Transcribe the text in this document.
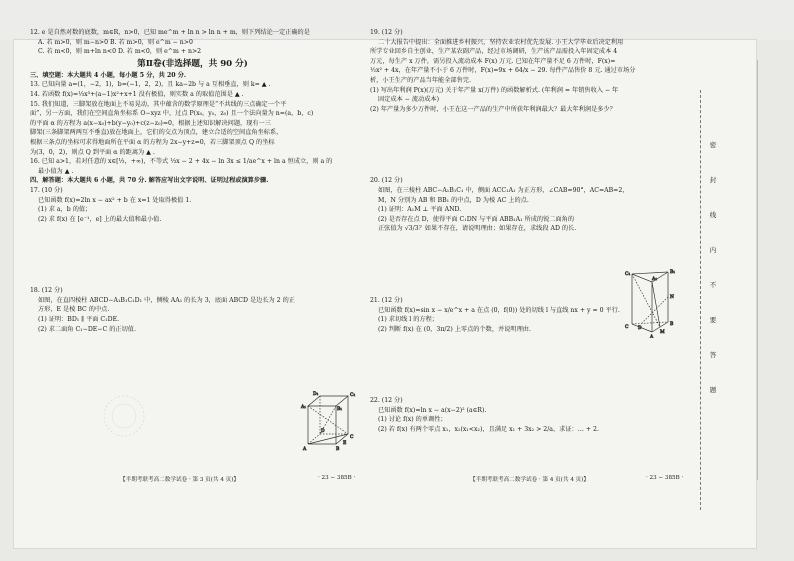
12. e 是自然对数的底数，m∈R，n>0，已知 me^m + ln n > ln n + m，则下列结论一定正确的是
A. 若 m>0，则 m−n>0 B. 若 m>0，则 e^m − n>0
C. 若 m<0，则 m+ln n<0 D. 若 m<0，则 e^m + n>2
第Ⅱ卷(非选择题，共 90 分)
三、填空题：本大题共 4 小题，每小题 5 分，共 20 分.
13. 已知向量 a=(1，−2，1)，b=(−1，2，2)，且 ka−2b 与 a 互相垂直，则 k= ▲ .
14. 若函数 f(x)=⅓x³+(a−1)x²+x+1 没有极值，则实数 a 的取值范围是 ▲ .
15. 我们知道，三脚架放在地面上不易晃动，其中蕴含的数学原理是“不共线的三点确定一个平
面”，另一方面，我们在空间直角坐标系 O−xyz 中，过点 P(x₀，y₀，z₀) 且一个法向量为 n=(a，b，c)
的平面 α 的方程为 a(x−x₀)+b(y−y₀)+c(z−z₀)=0，根据上述知识解决问题，现有一三
脚架(三条脚架两两互不垂直)放在地面上，它们的交点为顶点，建立合适的空间直角坐标系，
根据三条点的坐标可求得地面所在平面 α 的方程为 2x−y+z=0，若三脚架顶点 Q 的坐标
为(3，0，2)，则点 Q 到平面 α 的距离为 ▲ .
16. 已知 a>1，若对任意的 x∈[⅓，+∞)，不等式 ⅓x − 2 + 4x − ln 3x ≤ 1/ae^x + ln a 恒成立，则 a 的
最小值为 ▲ .
四、解答题：本大题共 6 小题，共 70 分. 解答应写出文字说明、证明过程或演算步骤.
17. (10 分)
已知函数 f(x)=2ln x − ax² + b 在 x=1 处取得极值 1.
(1) 求 a，b 的值；
(2) 求 f(x) 在 [e⁻¹，e] 上的最大值和最小值.
18. (12 分)
如图，在直四棱柱 ABCD−A₁B₁C₁D₁ 中，侧棱 AA₁ 的长为 3，底面 ABCD 是边长为 2 的正
方形，E 是棱 BC 的中点.
(1) 证明：BD₁ ∥ 平面 C₁DE.
(2) 求二面角 C₁−DE−C 的正切值.
A₁	B₁
C₁
D₁
A	B
C
D
E
【半期考联考高二数学试卷 · 第 3 页(共 4 页)】	· 23 − 385B ·
19. (12 分)
二十大报告中提出：全面推进乡村振兴，坚持农业农村优先发展. 小王大学毕业后决定利用
所学专业回乡自主创业，生产某农副产品，经过市场调研，生产该产品需投入年固定成本 4
万元，每生产 x 万件，需另投入流动成本 F(x) 万元. 已知在年产量不足 6 万件时，F(x)=
½x² + 4x，在年产量不小于 6 万件时，F(x)=9x + 64/x − 29. 每件产品售价 8 元. 通过市场分
析，小王生产的产品当年能全部售完.
(1) 写出年利润 P(x)(万元) 关于年产量 x(万件) 的函数解析式. (年利润 = 年销售收入 − 年
固定成本 − 流动成本)
(2) 年产量为多少万件时，小王在这一产品的生产中所获年利润最大？最大年利润是多少？
20. (12 分)
如图，在三棱柱 ABC−A₁B₁C₁ 中，侧面 ACC₁A₁ 为正方形，∠CAB=90°，AC=AB=2，
M，N 分别为 AB 和 BB₁ 的中点，D 为棱 AC 上的点.
(1) 证明：A₁M ⊥ 平面 AND.
(2) 是否存在点 D，使得平面 C₁DN 与平面 ABB₁A₁ 所成的锐二面角的
正弦值为 √3/3？如果不存在，请说明理由；如果存在，求线段 AD 的长.
21. (12 分)
已知函数 f(x)=sin x − x/e^x + a 在点 (0，f(0)) 处的切线 l 与直线 nx + y = 0 平行.
(1) 求切线 l 的方程；
(2) 判断 f(x) 在 (0，3π/2) 上零点的个数，并说明理由.
22. (12 分)
已知函数 f(x)=ln x − a(x−2)² (a∈R).
(1) 讨论 f(x) 的单调性；
(2) 若 f(x) 有两个零点 x₁，x₂(x₁<x₂)，且满足 x₁ + 3x₂ > 2/a，求证：… + 2.
C₁
A₁
B₁
C
A
B
D
M
N
【半期考联考高二数学试卷 · 第 4 页(共 4 页)】	· 23 − 385B ·
密
封
线
内
不
要
答
题
